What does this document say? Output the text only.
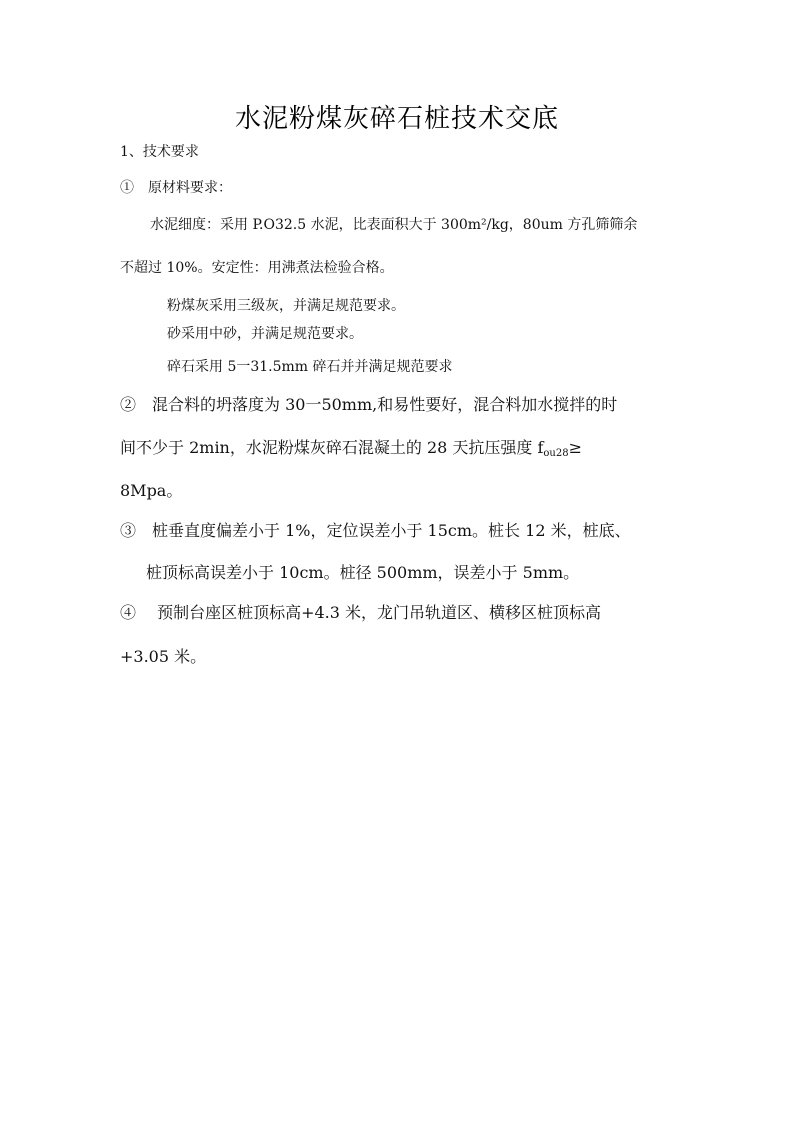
水泥粉煤灰碎石桩技术交底
1、技术要求
①　原材料要求：
水泥细度：采用 P.O32.5 水泥，比表面积大于 300m²/kg，80um 方孔筛筛余
不超过 10%。安定性：用沸煮法检验合格。
粉煤灰采用三级灰，并满足规范要求。
砂采用中砂，并满足规范要求。
碎石采用 5一31.5mm 碎石并并满足规范要求
②　混合料的坍落度为 30一50mm,和易性要好，混合料加水搅拌的时
间不少于 2min，水泥粉煤灰碎石混凝土的 28 天抗压强度 $f_{ou28}\ge$
8Mpa。
③　桩垂直度偏差小于 1%，定位误差小于 15cm。桩长 12 米，桩底、
桩顶标高误差小于 10cm。桩径 500mm，误差小于 5mm。
④　 预制台座区桩顶标高+4.3 米，龙门吊轨道区、横移区桩顶标高
+3.05 米。
